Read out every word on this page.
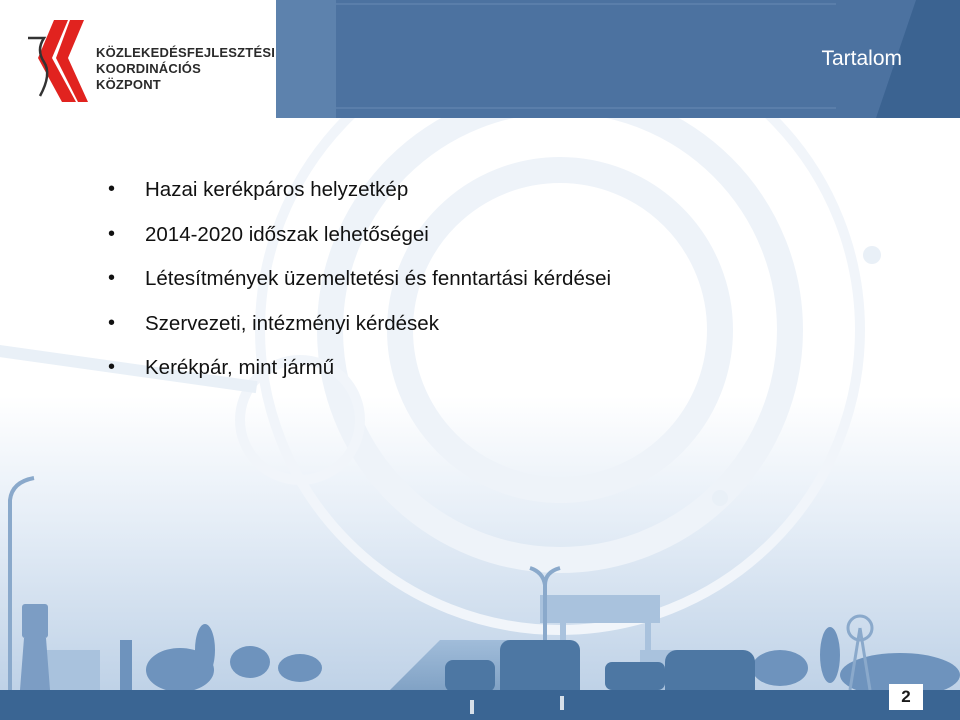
KÖZLEKEDÉSFEJLESZTÉSI
KOORDINÁCIÓS
KÖZPONT
Tartalom
• Hazai kerékpáros helyzetkép
• 2014-2020 időszak lehetőségei
• Létesítmények üzemeltetési és fenntartási kérdései
• Szervezeti, intézményi kérdések
• Kerékpár, mint jármű
2
